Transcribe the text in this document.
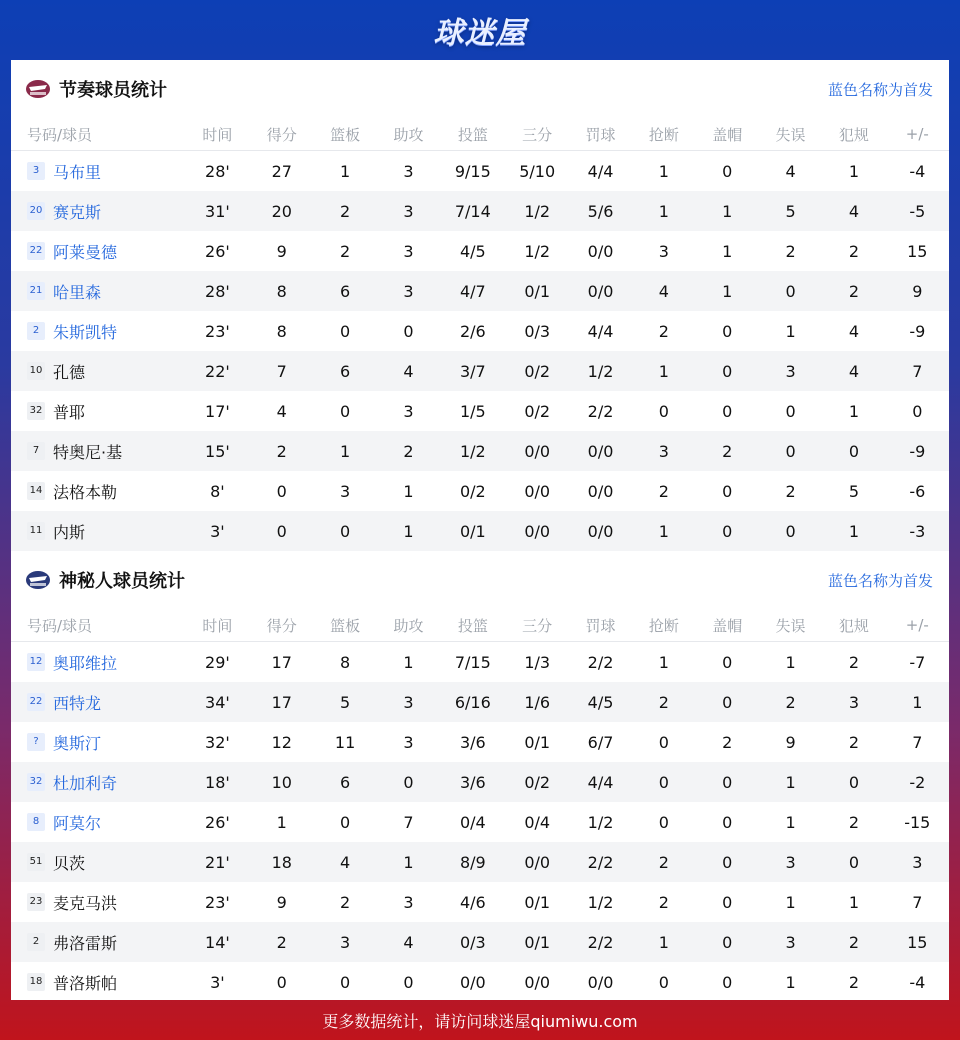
球迷屋
节奏球员统计	蓝色名称为首发
号码/球员	时间	得分	篮板	助攻	投篮	三分	罚球	抢断	盖帽	失误	犯规	+/-
3 马布里	28'	27	1	3	9/15	5/10	4/4	1	0	4	1	-4
20 赛克斯	31'	20	2	3	7/14	1/2	5/6	1	1	5	4	-5
22 阿莱曼德	26'	9	2	3	4/5	1/2	0/0	3	1	2	2	15
21 哈里森	28'	8	6	3	4/7	0/1	0/0	4	1	0	2	9
2 朱斯凯特	23'	8	0	0	2/6	0/3	4/4	2	0	1	4	-9
10 孔德	22'	7	6	4	3/7	0/2	1/2	1	0	3	4	7
32 普耶	17'	4	0	3	1/5	0/2	2/2	0	0	0	1	0
7 特奥尼·基	15'	2	1	2	1/2	0/0	0/0	3	2	0	0	-9
14 法格本勒	8'	0	3	1	0/2	0/0	0/0	2	0	2	5	-6
11 内斯	3'	0	0	1	0/1	0/0	0/0	1	0	0	1	-3
神秘人球员统计	蓝色名称为首发
号码/球员	时间	得分	篮板	助攻	投篮	三分	罚球	抢断	盖帽	失误	犯规	+/-
12 奥耶维拉	29'	17	8	1	7/15	1/3	2/2	1	0	1	2	-7
22 西特龙	34'	17	5	3	6/16	1/6	4/5	2	0	2	3	1
? 奥斯汀	32'	12	11	3	3/6	0/1	6/7	0	2	9	2	7
32 杜加利奇	18'	10	6	0	3/6	0/2	4/4	0	0	1	0	-2
8 阿莫尔	26'	1	0	7	0/4	0/4	1/2	0	0	1	2	-15
51 贝茨	21'	18	4	1	8/9	0/0	2/2	2	0	3	0	3
23 麦克马洪	23'	9	2	3	4/6	0/1	1/2	2	0	1	1	7
2 弗洛雷斯	14'	2	3	4	0/3	0/1	2/2	1	0	3	2	15
18 普洛斯帕	3'	0	0	0	0/0	0/0	0/0	0	0	1	2	-4
更多数据统计，请访问球迷屋qiumiwu.com
